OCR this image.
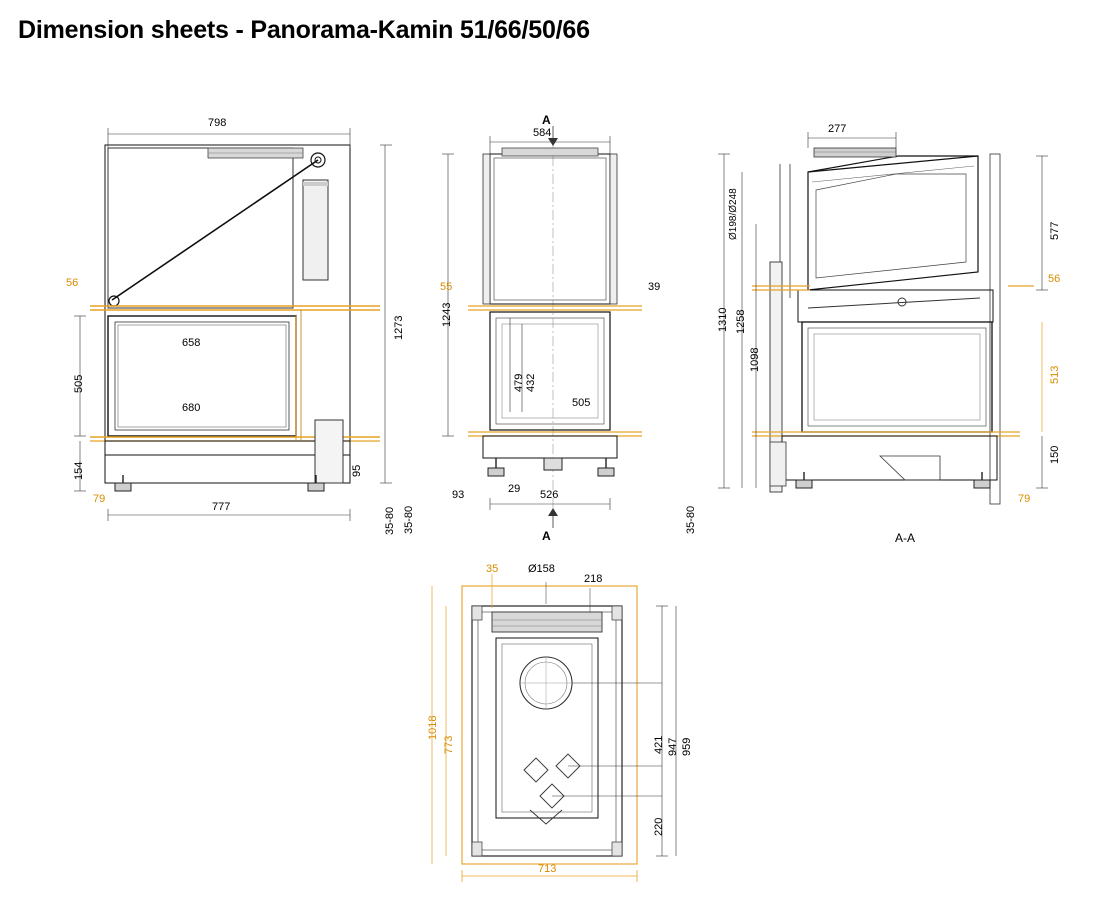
Dimension sheets - Panorama-Kamin 51/66/50/66
798
56
658
680
1273
505
154	95
79
777	35-80
A
584
55	39
1243
479 432
505
93	29 526
35-80
A
277
Ø198/Ø248
1310 1258
1098
577
56
513
150
79
35-80
A-A
35	Ø158
218
1018
773	959
947
421
220
713
